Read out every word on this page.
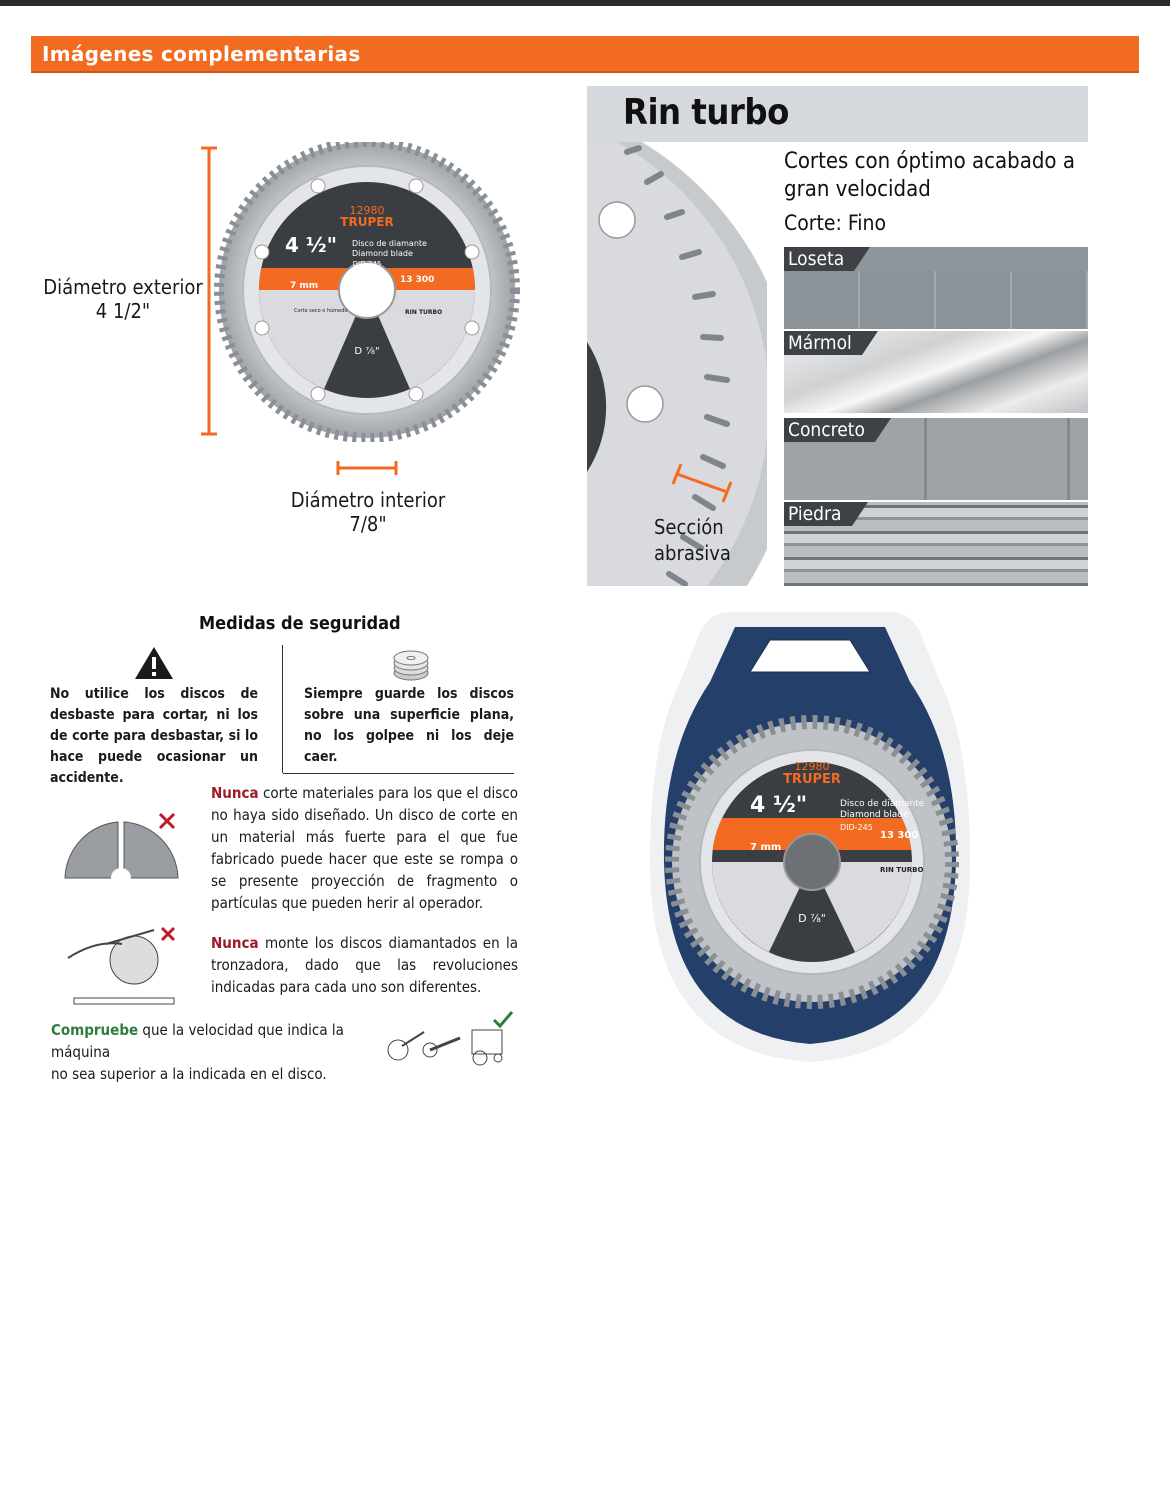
Imágenes complementarias
Diámetro exterior
4 1/2"
Diámetro interior
7/8"
12980
TRUPER
4 ½" Disco de diamante
Diamond blade
DID-245
13 300
7 mm
RIN TURBO
Corte seco o húmedo
D ⅞"
Rin turbo
Sección
abrasiva
Cortes con óptimo acabado a gran velocidad
Corte: Fino
Loseta
Mármol
Concreto
Piedra
Medidas de seguridad
No utilice los discos de desbaste para cortar, ni los de corte para desbastar, si lo hace puede ocasionar un accidente.
Siempre guarde los discos sobre una superficie plana, no los golpee ni los deje caer.
Nunca corte materiales para los que el disco no haya sido diseñado. Un disco de corte en un material más fuerte para el que fue fabricado puede hacer que este se rompa o se presente proyección de fragmento o partículas que pueden herir al operador.
Nunca monte los discos diamantados en la tronzadora, dado que las revoluciones indicadas para cada uno son diferentes.
Compruebe que la velocidad que indica la máquina
no sea superior a la indicada en el disco.
12980
TRUPER
4 ½"	Disco de diamante
Diamond blade
DID-245
13 300
7 mm
RIN TURBO
D ⅞"
